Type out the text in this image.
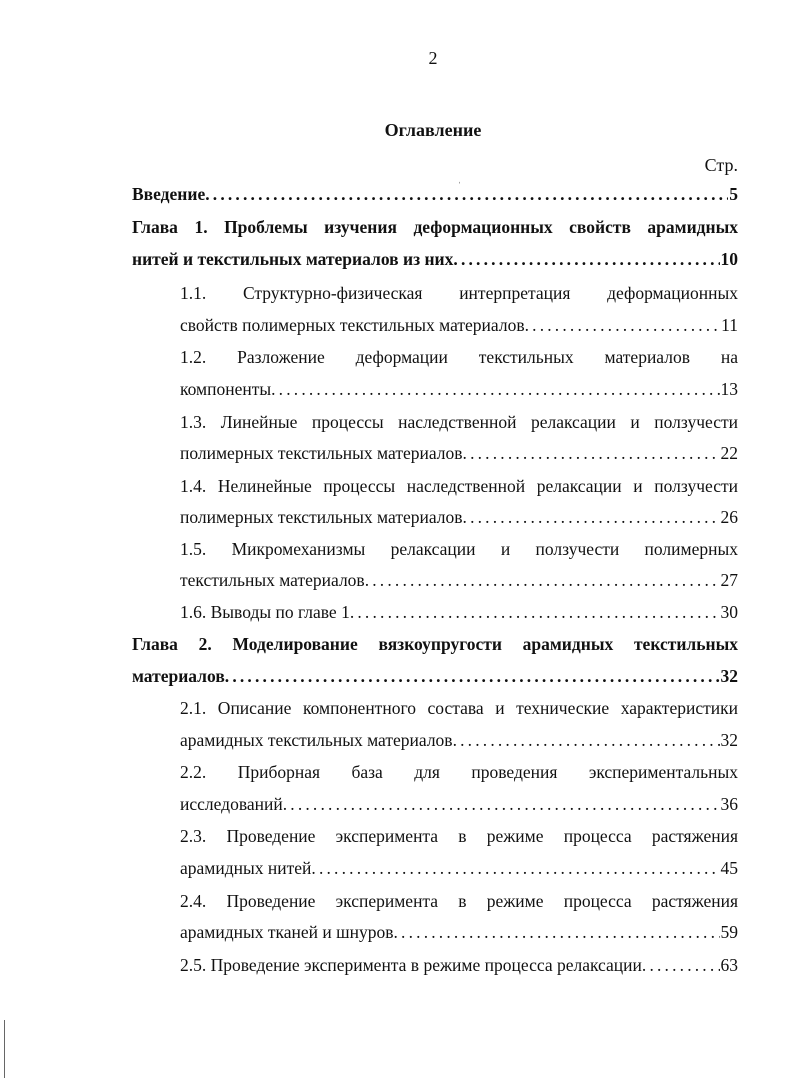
2
Оглавление
Стр.
ˌ
Введение . . .	5
Глава 1. Проблемы изучения деформационных свойств арамидных
нитей и текстильных материалов из них . . .	10
1.1. Структурно-физическая интерпретация деформационных
свойств полимерных текстильных материалов . . .	11
1.2. Разложение деформации текстильных материалов на
компоненты . . .	13
1.3. Линейные процессы наследственной релаксации и ползучести
полимерных текстильных материалов . . .	22
1.4. Нелинейные процессы наследственной релаксации и ползучести
полимерных текстильных материалов . . .	26
1.5. Микромеханизмы релаксации и ползучести полимерных
текстильных материалов . . .	27
1.6. Выводы по главе 1 . . .	30
Глава 2. Моделирование вязкоупругости арамидных текстильных
материалов . . .	32
2.1. Описание компонентного состава и технические характеристики
арамидных текстильных материалов . . .	32
2.2. Приборная база для проведения экспериментальных
исследований . . .	36
2.3. Проведение эксперимента в режиме процесса растяжения
арамидных нитей . . .	45
2.4. Проведение эксперимента в режиме процесса растяжения
арамидных тканей и шнуров . . .	59
2.5. Проведение эксперимента в режиме процесса релаксации . . .	63
